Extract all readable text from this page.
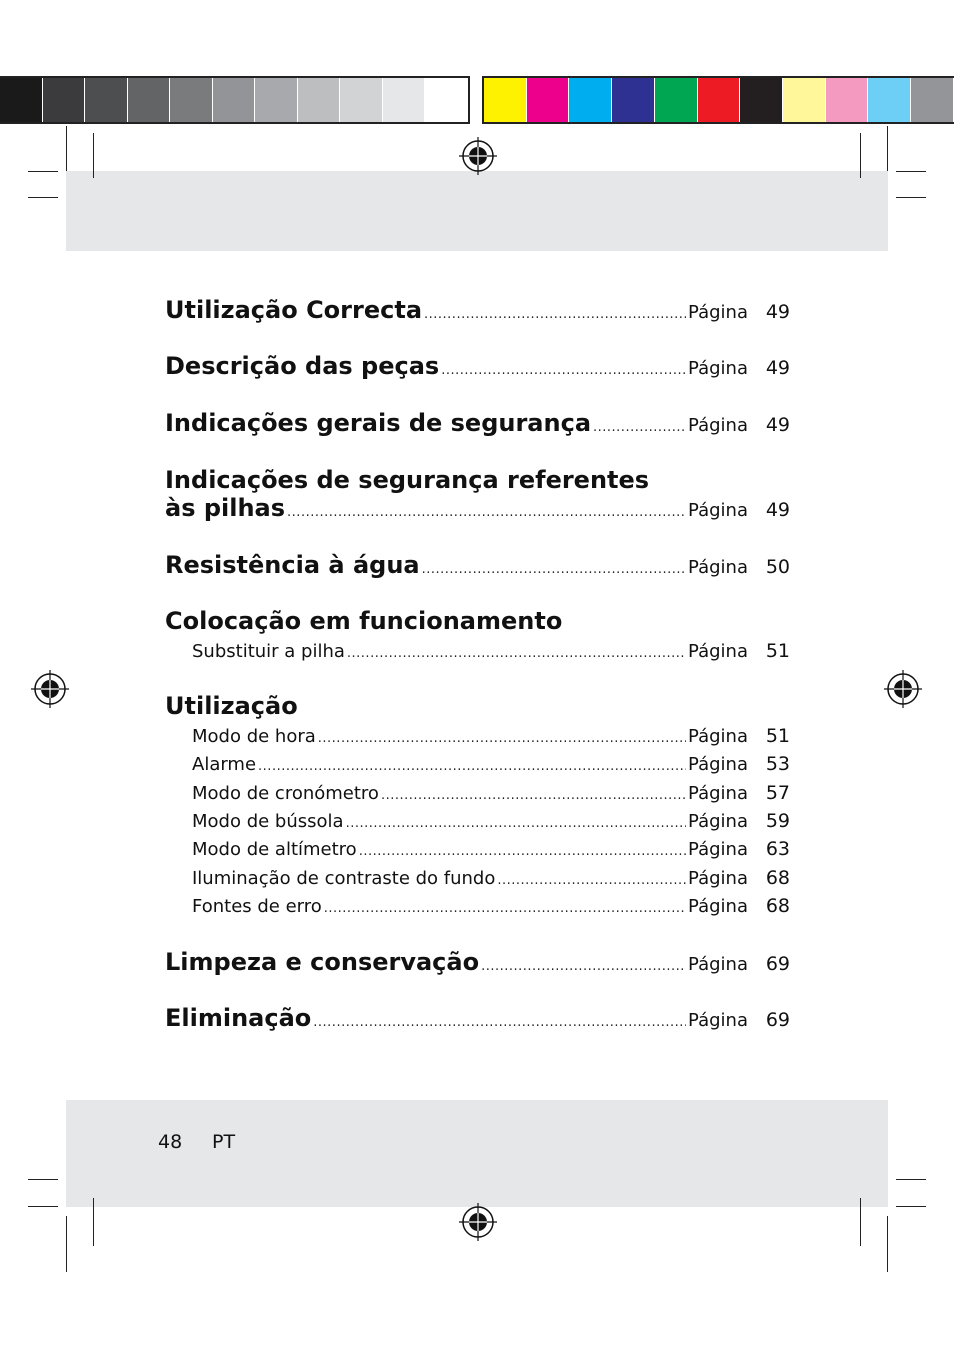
Utilização Correcta .....	Página 49
Descrição das peças .....	Página 49
Indicações gerais de segurança .....	Página 49
Indicações de segurança referentes
às pilhas .....	Página 49
Resistência à água .....	Página 50
Colocação em funcionamento
Substituir a pilha .....	Página 51
Utilização
Modo de hora .....	Página 51
Alarme .....	Página 53
Modo de cronómetro .....	Página 57
Modo de bússola .....	Página 59
Modo de altímetro .....	Página 63
Iluminação de contraste do fundo .....	Página 68
Fontes de erro .....	Página 68
Limpeza e conservação .....	Página 69
Eliminação .....	Página 69
48 PT
